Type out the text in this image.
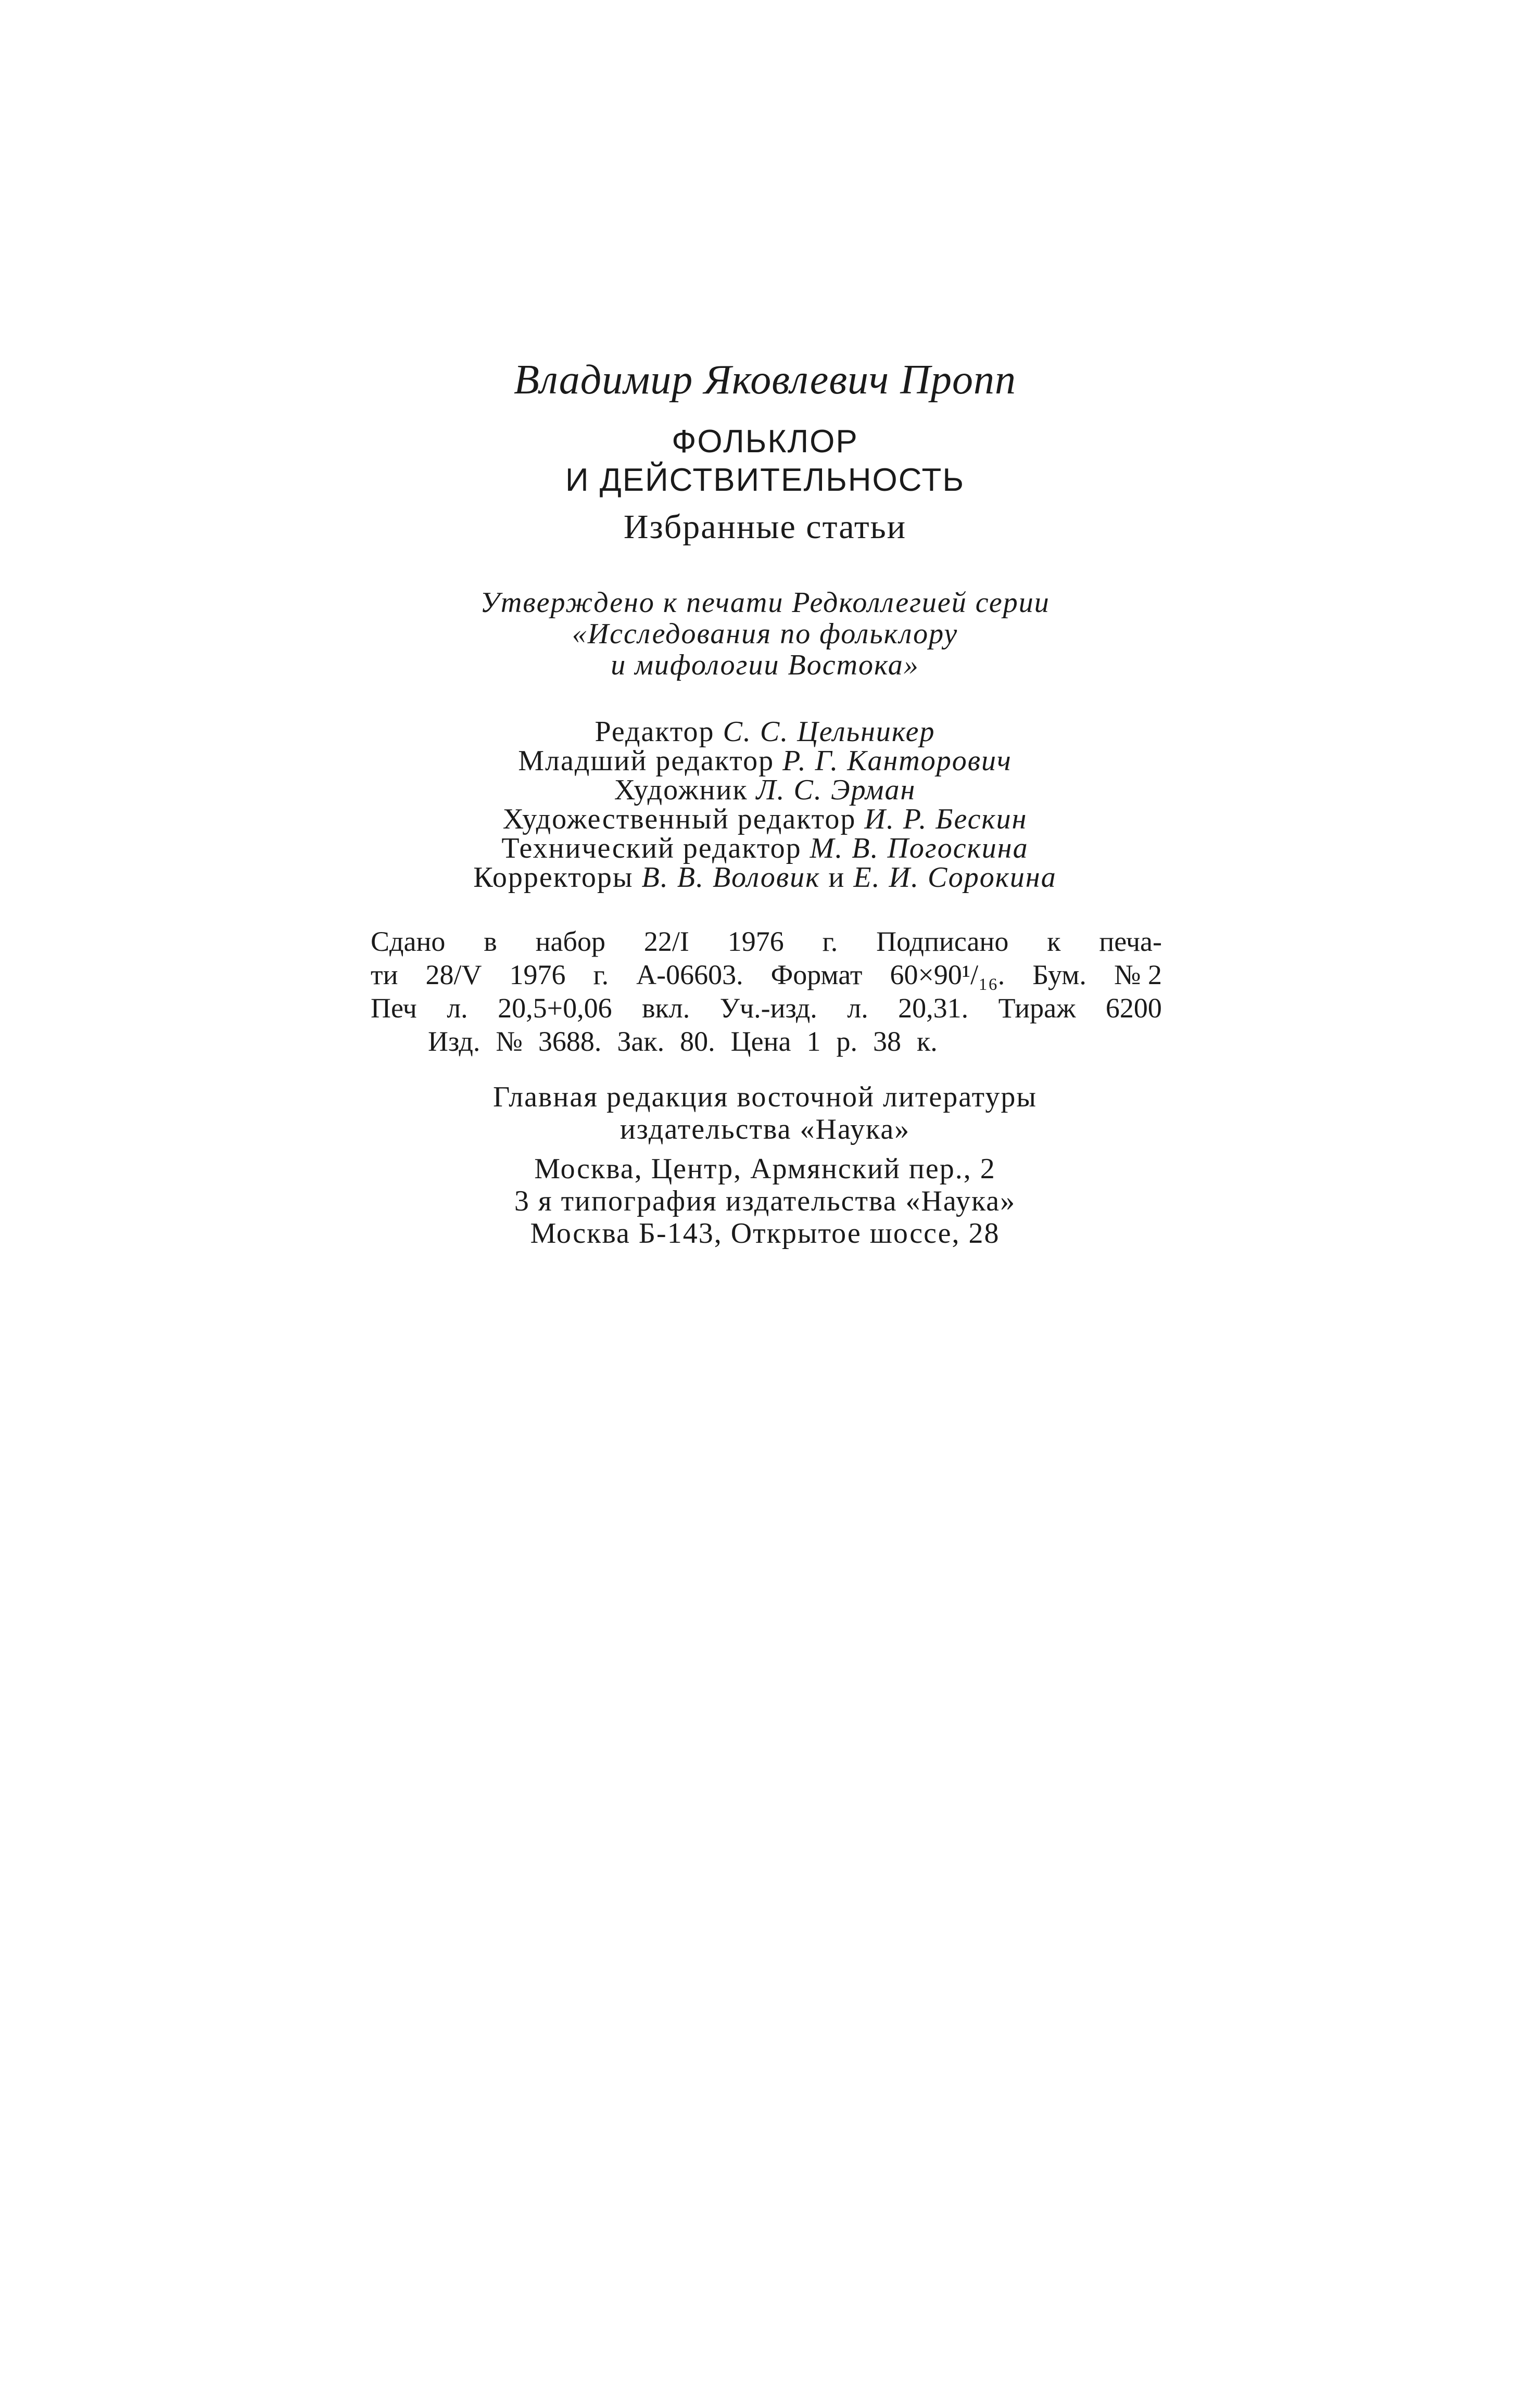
Владимир Яковлевич Пропп
ФОЛЬКЛОР
И ДЕЙСТВИТЕЛЬНОСТЬ
Избранные статьи
Утверждено к печати Редколлегией серии
«Исследования по фольклору
и мифологии Востока»
Редактор С. С. Цельникер
Младший редактор Р. Г. Канторович
Художник Л. С. Эрман
Художественный редактор И. Р. Бескин
Технический редактор М. В. Погоскина
Корректоры В. В. Воловик и Е. И. Сорокина
Сдано в набор 22/I 1976 г. Подписано к печа-
ти 28/V 1976 г. А-06603. Формат 60×90¹/₁₆. Бум. № 2
Печ л. 20,5+0,06 вкл. Уч.-изд. л. 20,31. Тираж 6200
Изд. № 3688. Зак. 80. Цена 1 р. 38 к.
Главная редакция восточной литературы
издательства «Наука»
Москва, Центр, Армянский пер., 2
3 я типография издательства «Наука»
Москва Б-143, Открытое шоссе, 28
